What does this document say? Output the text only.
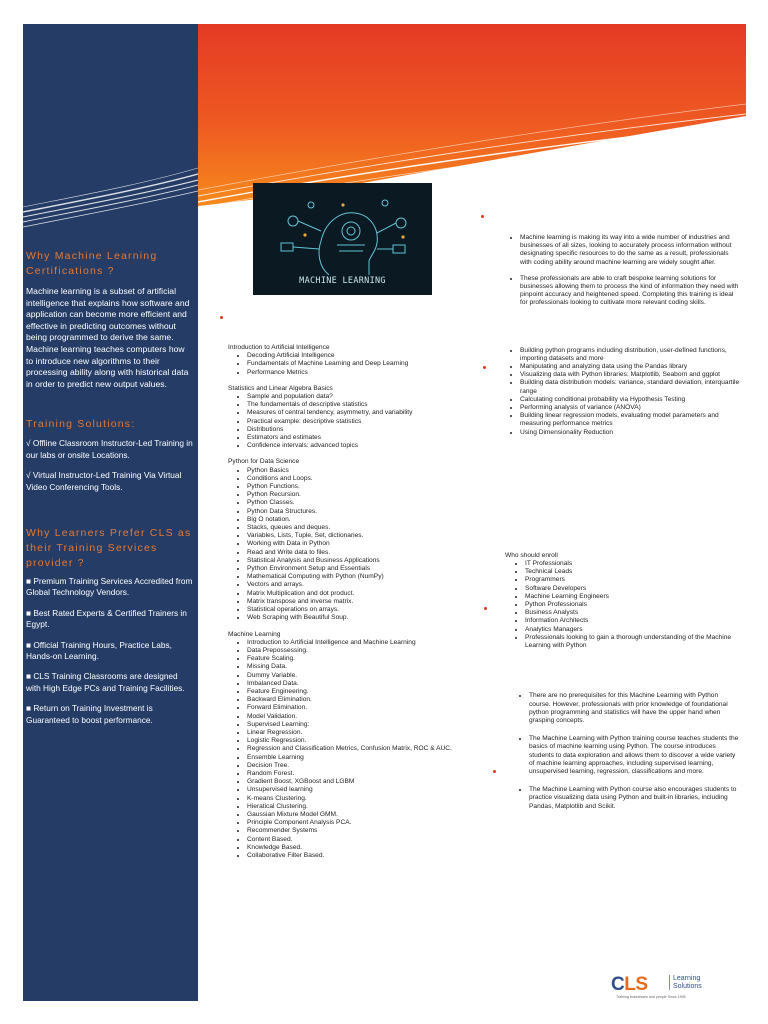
Why Machine Learning Certifications ?

Machine learning is a subset of artificial intelligence that explains how software and application can become more efficient and effective in predicting outcomes without being programmed to derive the same. Machine learning teaches computers how to introduce new algorithms to their processing ability along with historical data in order to predict new output values.

Training Solutions:

√ Offline Classroom Instructor-Led Training in our labs or onsite Locations.

√ Virtual Instructor-Led Training Via Virtual Video Conferencing Tools.

Why Learners Prefer CLS as their Training Services provider ?

■ Premium Training Services Accredited from Global Technology Vendors.

■ Best Rated Experts & Certified Trainers in Egypt.

■ Official Training Hours, Practice Labs, Hands-on Learning.

■ CLS Training Classrooms are designed with High Edge PCs and Training Facilities.

■ Return on Training Investment is Guaranteed to boost performance.

MACHINE LEARNING
Introduction to Artificial Intelligence
• Decoding Artificial Intelligence
• Fundamentals of Machine Learning and Deep Learning
• Performance Metrics
Statistics and Linear Algebra Basics
• Sample and population data?
• The fundamentals of descriptive statistics
• Measures of central tendency, asymmetry, and variability
• Practical example: descriptive statistics
• Distributions
• Estimators and estimates
• Confidence intervals: advanced topics
Python for Data Science
• Python Basics
• Conditions and Loops.
• Python Functions.
• Python Recursion.
• Python Classes.
• Python Data Structures.
• Big O notation.
• Stacks, queues and deques.
• Variables, Lists, Tuple, Set, dictionaries.
• Working with Data in Python
• Read and Write data to files.
• Statistical Analysis and Business Applications
• Python Environment Setup and Essentials
• Mathematical Computing with Python (NumPy)
• Vectors and arrays.
• Matrix Multiplication and dot product.
• Matrix transpose and inverse matrix.
• Statistical operations on arrays.
• Web Scraping with Beautiful Soup.
Machine Learning
• Introduction to Artificial Intelligence and Machine Learning
• Data Prepossessing.
• Feature Scaling.
• Missing Data.
• Dummy Variable.
• Imbalanced Data.
• Feature Engineering.
• Backward Elimination.
• Forward Elimination.
• Model Validation.
• Supervised Learning:
• Linear Regression.
• Logistic Regression.
• Regression and Classification Metrics, Confusion Matrix, ROC & AUC.
• Ensemble Learning
• Decision Tree.
• Random Forest.
• Gradient Boost, XGBoost and LGBM
• Unsupervised learning
• K-means Clustering.
• Hieratical Clustering.
• Gaussian Mixture Model GMM.
• Principle Component Analysis PCA.
• Recommender Systems
• Content Based.
• Knowledge Based.
• Collaborative Filter Based.
• Machine learning is making its way into a wide number of industries and businesses of all sizes, looking to accurately process information without designating specific resources to do the same as a result, professionals with coding ability around machine learning are widely sought after.
• These professionals are able to craft bespoke learning solutions for businesses allowing them to process the kind of information they need with pinpoint accuracy and heightened speed. Completing this training is ideal for professionals looking to cultivate more relevant coding skills.
• Building python programs including distribution, user-defined functions, importing datasets and more
• Manipulating and analyzing data using the Pandas library
• Visualizing data with Python libraries: Matplotlib, Seaborn and ggplot
• Building data distribution models: variance, standard deviation, interquartile range
• Calculating conditional probability via Hypothesis Testing
• Performing analysis of variance (ANOVA)
• Building linear regression models, evaluating model parameters and measuring performance metrics
• Using Dimensionality Reduction
Who should enroll
• IT Professionals
• Technical Leads
• Programmers
• Software Developers
• Machine Learning Engineers
• Python Professionals
• Business Analysts
• Information Architects
• Analytics Managers
• Professionals looking to gain a thorough understanding of the Machine Learning with Python
• There are no prerequisites for this Machine Learning with Python course. However, professionals with prior knowledge of foundational python programming and statistics will have the upper hand when grasping concepts.
• The Machine Learning with Python training course teaches students the basics of machine learning using Python. The course introduces students to data exploration and allows them to discover a wide variety of machine learning approaches, including supervised learning, unsupervised learning, regression, classifications and more.
• The Machine Learning with Python course also encourages students to practice visualizing data using Python and built-in libraries, including Pandas, Matplotlib and Scikit.
CLS	Learning
Solutions
Training businesses and people Since 1995
